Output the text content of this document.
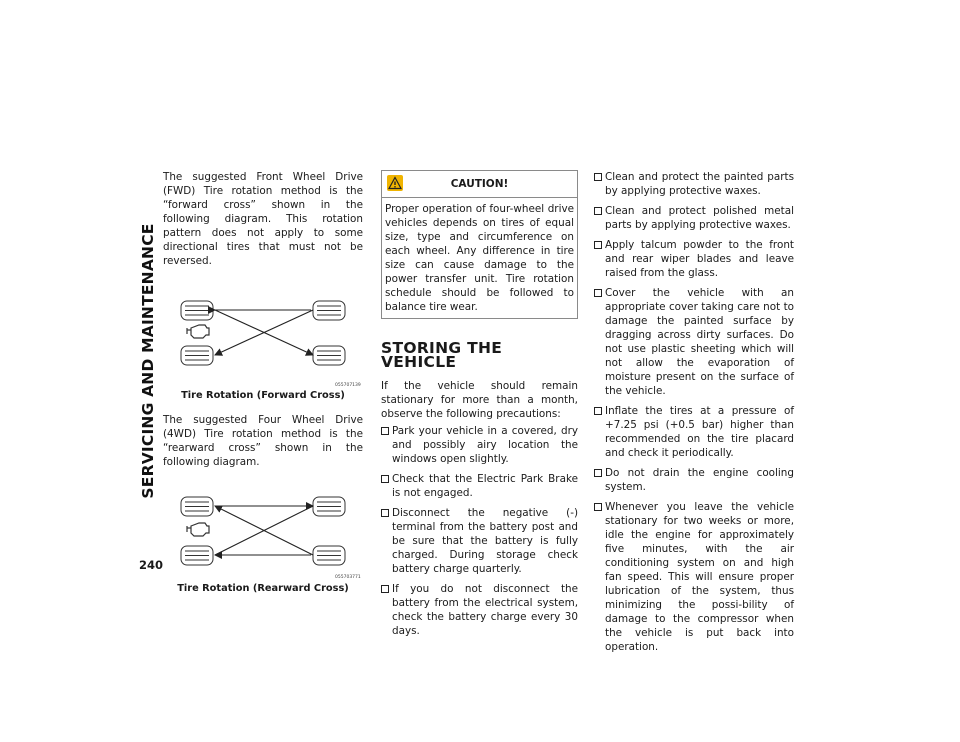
SERVICING AND MAINTENANCE
240

The suggested Front Wheel Drive (FWD) Tire rotation method is the “forward cross” shown in the following diagram. This rotation pattern does not apply to some directional tires that must not be reversed.

055707139
Tire Rotation (Forward Cross)

The suggested Four Wheel Drive (4WD) Tire rotation method is the “rearward cross” shown in the following diagram.

055703771
Tire Rotation (Rearward Cross)
CAUTION!
Proper operation of four-wheel drive vehicles depends on tires of equal size, type and circumference on each wheel. Any difference in tire size can cause damage to the power transfer unit. Tire rotation schedule should be followed to balance tire wear.
STORING THE VEHICLE

If the vehicle should remain stationary for more than a month, observe the following precautions:

Park your vehicle in a covered, dry and possibly airy location the windows open slightly.
Check that the Electric Park Brake is not engaged.
Disconnect the negative (-) terminal from the battery post and be sure that the battery is fully charged. During storage check battery charge quarterly.
If you do not disconnect the battery from the electrical system, check the battery charge every 30 days.
Clean and protect the painted parts by applying protective waxes.
Clean and protect polished metal parts by applying protective waxes.
Apply talcum powder to the front and rear wiper blades and leave raised from the glass.
Cover the vehicle with an appropriate cover taking care not to damage the painted surface by dragging across dirty surfaces. Do not use plastic sheeting which will not allow the evaporation of moisture present on the surface of the vehicle.
Inflate the tires at a pressure of +7.25 psi (+0.5 bar) higher than recommended on the tire placard and check it periodically.
Do not drain the engine cooling system.
Whenever you leave the vehicle stationary for two weeks or more, idle the engine for approximately five minutes, with the air conditioning system on and high fan speed. This will ensure proper lubrication of the system, thus minimizing the possi-bility of damage to the compressor when the vehicle is put back into operation.
